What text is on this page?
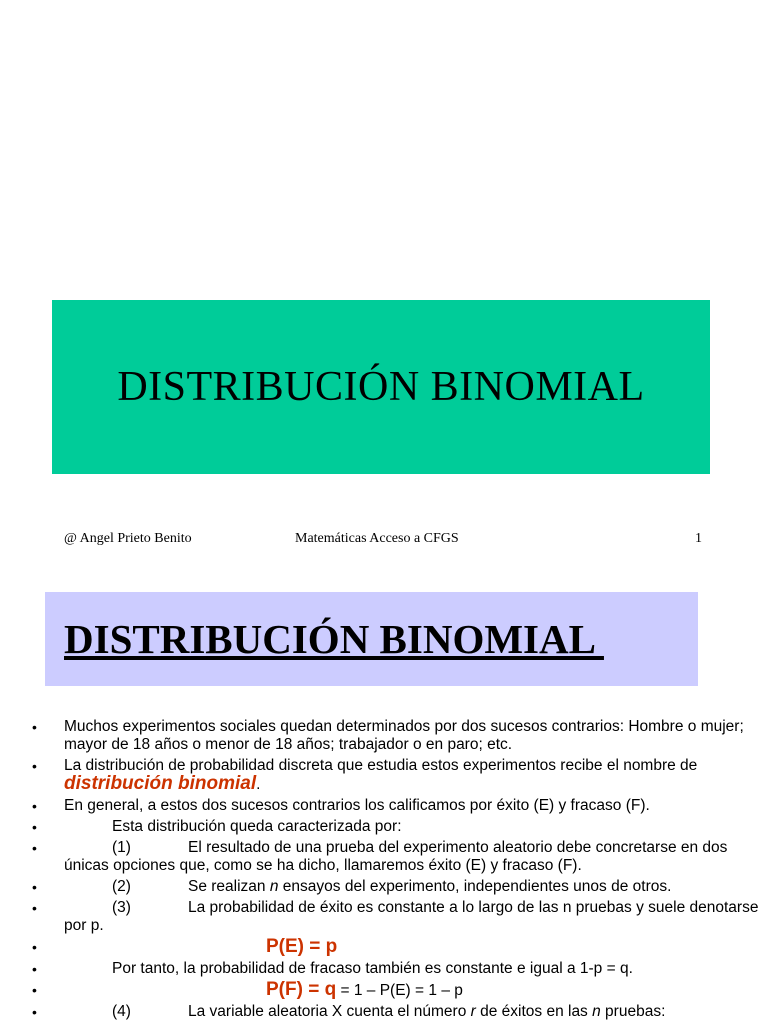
DISTRIBUCIÓN BINOMIAL
@ Angel Prieto Benito	Matemáticas Acceso a CFGS	1
DISTRIBUCIÓN BINOMIAL
• Muchos experimentos sociales quedan determinados por dos sucesos contrarios: Hombre o mujer; mayor de 18 años o menor de 18 años; trabajador o en paro; etc.
• La distribución de probabilidad discreta que estudia estos experimentos recibe el nombre de distribución binomial.
• En general, a estos dos sucesos contrarios los calificamos por éxito (E) y fracaso (F).
•	Esta distribución queda caracterizada por:
•	(1)	El resultado de una prueba del experimento aleatorio debe concretarse en dos únicas opciones que, como se ha dicho, llamaremos éxito (E) y fracaso (F).
•	(2)	Se realizan n ensayos del experimento, independientes unos de otros.
•	(3)	La probabilidad de éxito es constante a lo largo de las n pruebas y suele denotarse por p.
•	P(E) = p
•	Por tanto, la probabilidad de fracaso también es constante e igual a 1-p = q.
•	P(F) = q = 1 – P(E) = 1 – p
•	(4)	La variable aleatoria X cuenta el número r de éxitos en las n pruebas:
